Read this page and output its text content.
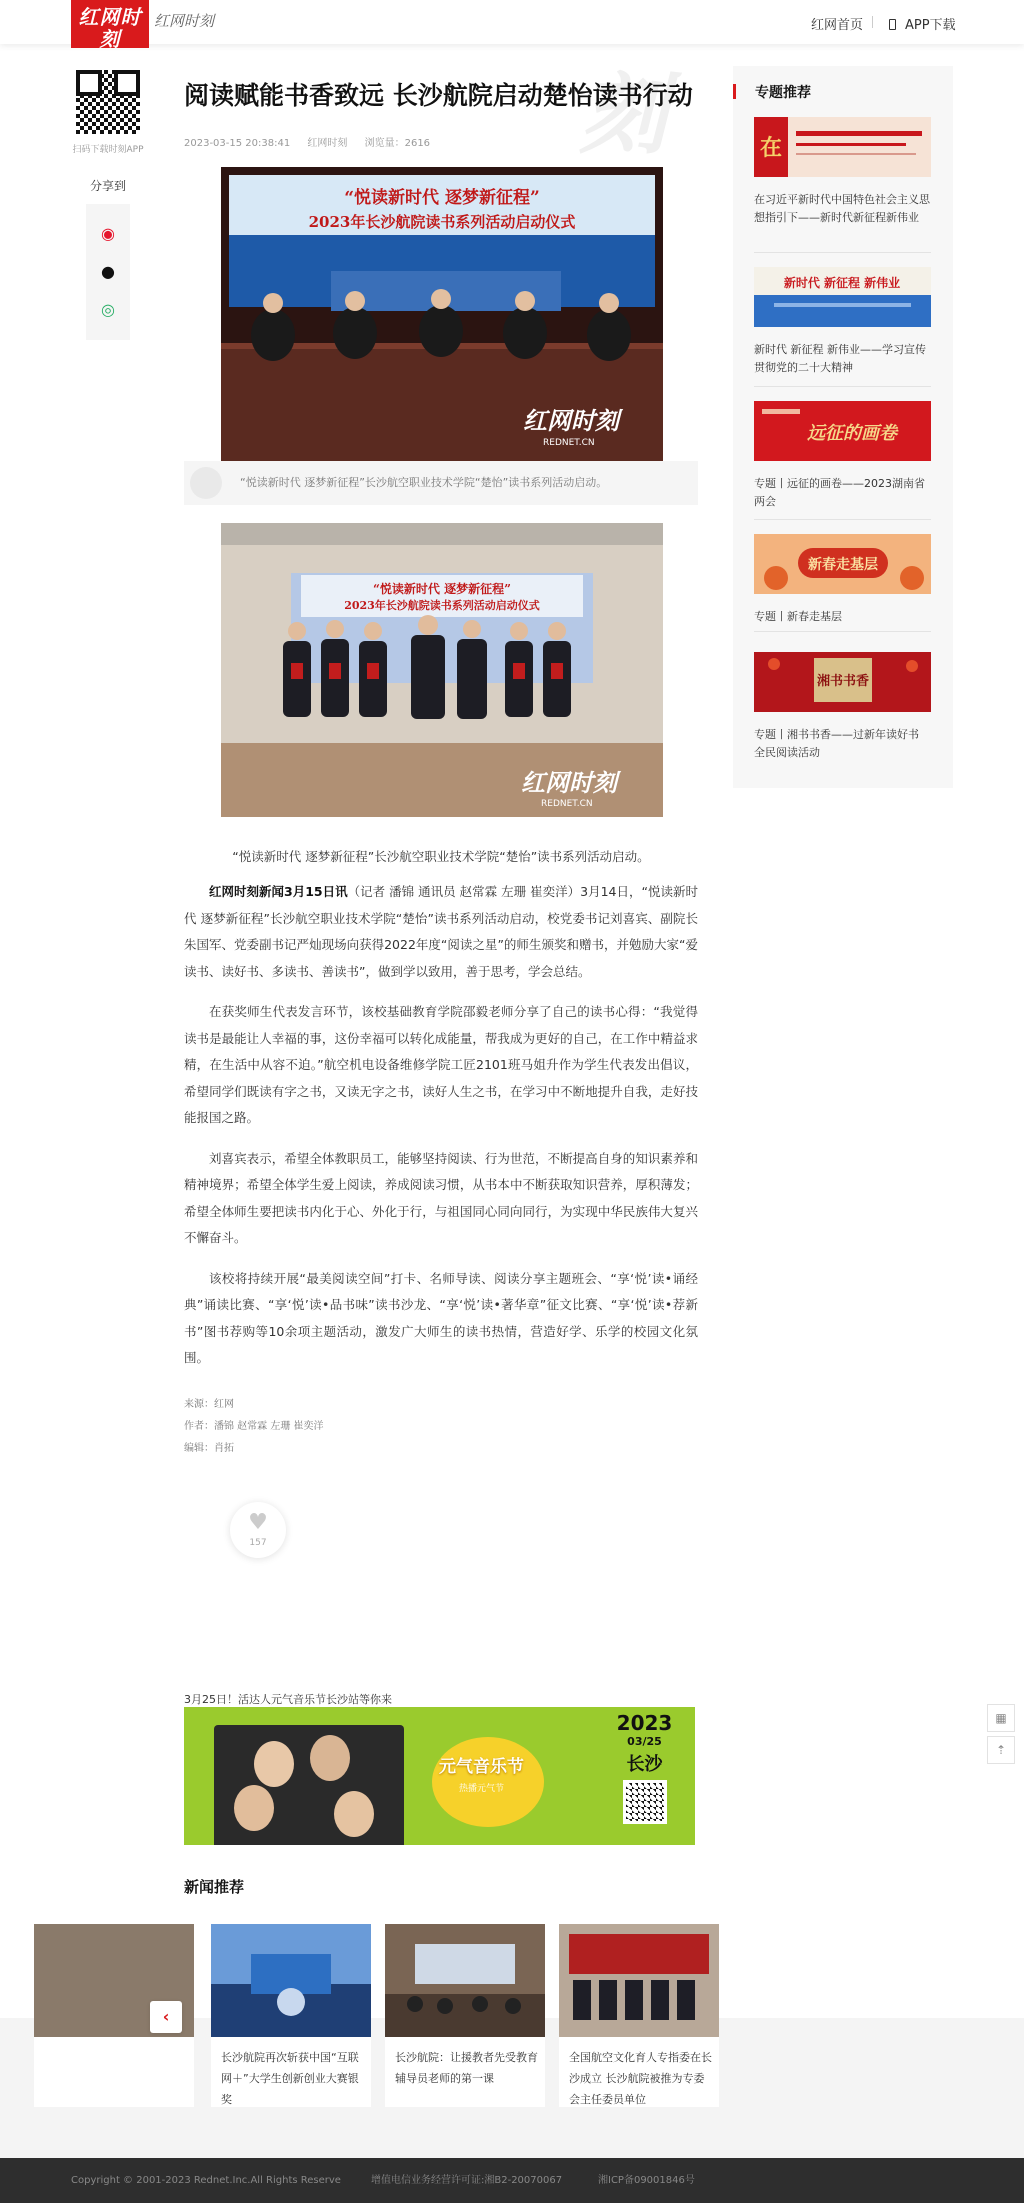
红网时刻
Rednet.cn
红网时刻	红网首页	APP下载
扫码下载时刻APP
分享到
◉
●
◎
刻
阅读赋能书香致远 长沙航院启动楚怡读书行动
2023-03-15 20:38:41 红网时刻 浏览量：2616
“悦读新时代 逐梦新征程”
2023年长沙航院读书系列活动启动仪式
红网时刻
REDNET.CN
“悦读新时代 逐梦新征程”长沙航空职业技术学院“楚怡”读书系列活动启动。
“悦读新时代 逐梦新征程”
2023年长沙航院读书系列活动启动仪式
红网时刻
REDNET.CN

“悦读新时代 逐梦新征程”长沙航空职业技术学院“楚怡”读书系列活动启动。

红网时刻新闻3月15日讯（记者 潘锦 通讯员 赵常霖 左珊 崔奕洋）3月14日，“悦读新时代 逐梦新征程”长沙航空职业技术学院“楚怡”读书系列活动启动，校党委书记刘喜宾、副院长朱国军、党委副书记严灿现场向获得2022年度“阅读之星”的师生颁奖和赠书，并勉励大家“爱读书、读好书、多读书、善读书”，做到学以致用，善于思考，学会总结。

在获奖师生代表发言环节，该校基础教育学院邵毅老师分享了自己的读书心得：“我觉得读书是最能让人幸福的事，这份幸福可以转化成能量，帮我成为更好的自己，在工作中精益求精，在生活中从容不迫。”航空机电设备维修学院工匠2101班马姐升作为学生代表发出倡议，希望同学们既读有字之书，又读无字之书，读好人生之书，在学习中不断地提升自我，走好技能报国之路。

刘喜宾表示，希望全体教职员工，能够坚持阅读、行为世范，不断提高自身的知识素养和精神境界；希望全体学生爱上阅读，养成阅读习惯，从书本中不断获取知识营养，厚积薄发；希望全体师生要把读书内化于心、外化于行，与祖国同心同向同行，为实现中华民族伟大复兴不懈奋斗。

该校将持续开展“最美阅读空间”打卡、名师导读、阅读分享主题班会、“享‘悦’读•诵经典”诵读比赛、“享‘悦’读•品书味”读书沙龙、“享‘悦’读•著华章”征文比赛、“享‘悦’读•荐新书”图书荐购等10余项主题活动，激发广大师生的读书热情，营造好学、乐学的校园文化氛围。

来源：红网
作者：潘锦 赵常霖 左珊 崔奕洋
编辑：肖拓
♥
157
3月25日！活达人元气音乐节长沙站等你来
元气音乐节
热播元气节
2023
03/25
长沙
新闻推荐
长沙航院再次斩获中国“互联网＋”大学生创新创业大赛银奖
长沙航院：让援教者先受教育 辅导员老师的第一课
全国航空文化育人专指委在长沙成立 长沙航院被推为专委会主任委员单位
‹
专题推荐
在
在习近平新时代中国特色社会主义思想指引下——新时代新征程新伟业
新时代 新征程 新伟业
新时代 新征程 新伟业——学习宣传贯彻党的二十大精神
远征的画卷
专题丨远征的画卷——2023湖南省两会
新春走基层
专题丨新春走基层
湘书书香
专题丨湘书书香——过新年读好书 全民阅读活动
▦
⇡
Copyright © 2001-2023 Rednet.Inc.All Rights Reserve	增值电信业务经营许可证:湘B2-20070067	湘ICP备09001846号
